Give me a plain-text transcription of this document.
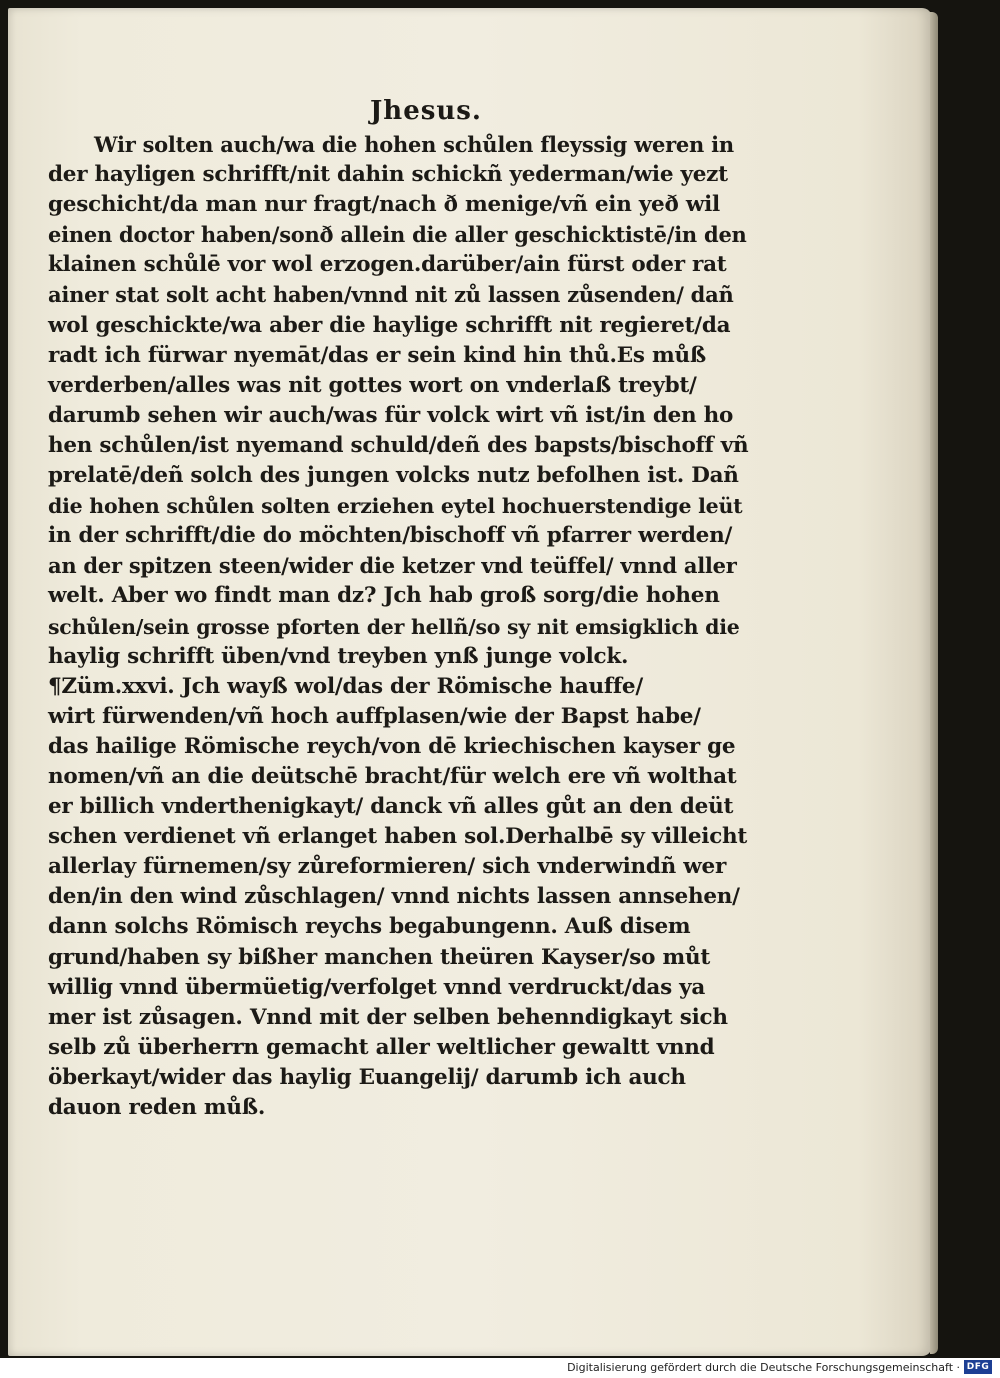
Jhesus.
Wir solten auch/wa die hohen schůlen fleyssig weren in
der hayligen schrifft/nit dahin schickñ yederman/wie yezt
geschicht/da man nur fragt/nach ð menige/vñ ein yeð wil
einen doctor haben/sonð allein die aller geschicktistē/in den
klainen schůlē vor wol erzogen.darüber/ain fürst oder rat
ainer stat solt acht haben/vnnd nit zů lassen zůsenden/ dañ
wol geschickte/wa aber die haylige schrifft nit regieret/da
radt ich fürwar nyemāt/das er sein kind hin thů.Es můß
verderben/alles was nit gottes wort on vnderlaß treybt/
darumb sehen wir auch/was für volck wirt vñ ist/in den ho
hen schůlen/ist nyemand schuld/deñ des bapsts/bischoff vñ
prelatē/deñ solch des jungen volcks nutz befolhen ist. Dañ
die hohen schůlen solten erziehen eytel hochuerstendige leüt
in der schrifft/die do möchten/bischoff vñ pfarrer werden/
an der spitzen steen/wider die ketzer vnd teüffel/ vnnd aller
welt. Aber wo findt man dz? Jch hab groß sorg/die hohen
schůlen/sein grosse pforten der hellñ/so sy nit emsigklich die
haylig schrifft üben/vnd treyben ynß junge volck.
¶Züm.xxvi. Jch wayß wol/das der Römische hauffe/
wirt fürwenden/vñ hoch auffplasen/wie der Bapst habe/
das hailige Römische reych/von dē kriechischen kayser ge
nomen/vñ an die deütschē bracht/für welch ere vñ wolthat
er billich vnderthenigkayt/ danck vñ alles gůt an den deüt
schen verdienet vñ erlanget haben sol.Derhalbē sy villeicht
allerlay fürnemen/sy zůreformieren/ sich vnderwindñ wer
den/in den wind zůschlagen/ vnnd nichts lassen annsehen/
dann solchs Römisch reychs begabungenn. Auß disem
grund/haben sy bißher manchen theüren Kayser/so můt
willig vnnd übermüetig/verfolget vnnd verdruckt/das ya
mer ist zůsagen. Vnnd mit der selben behenndigkayt sich
selb zů überherrn gemacht aller weltlicher gewaltt vnnd
öberkayt/wider das haylig Euangelij/ darumb ich auch
dauon reden můß.
Digitalisierung gefördert durch die Deutsche Forschungsgemeinschaft · DFG
